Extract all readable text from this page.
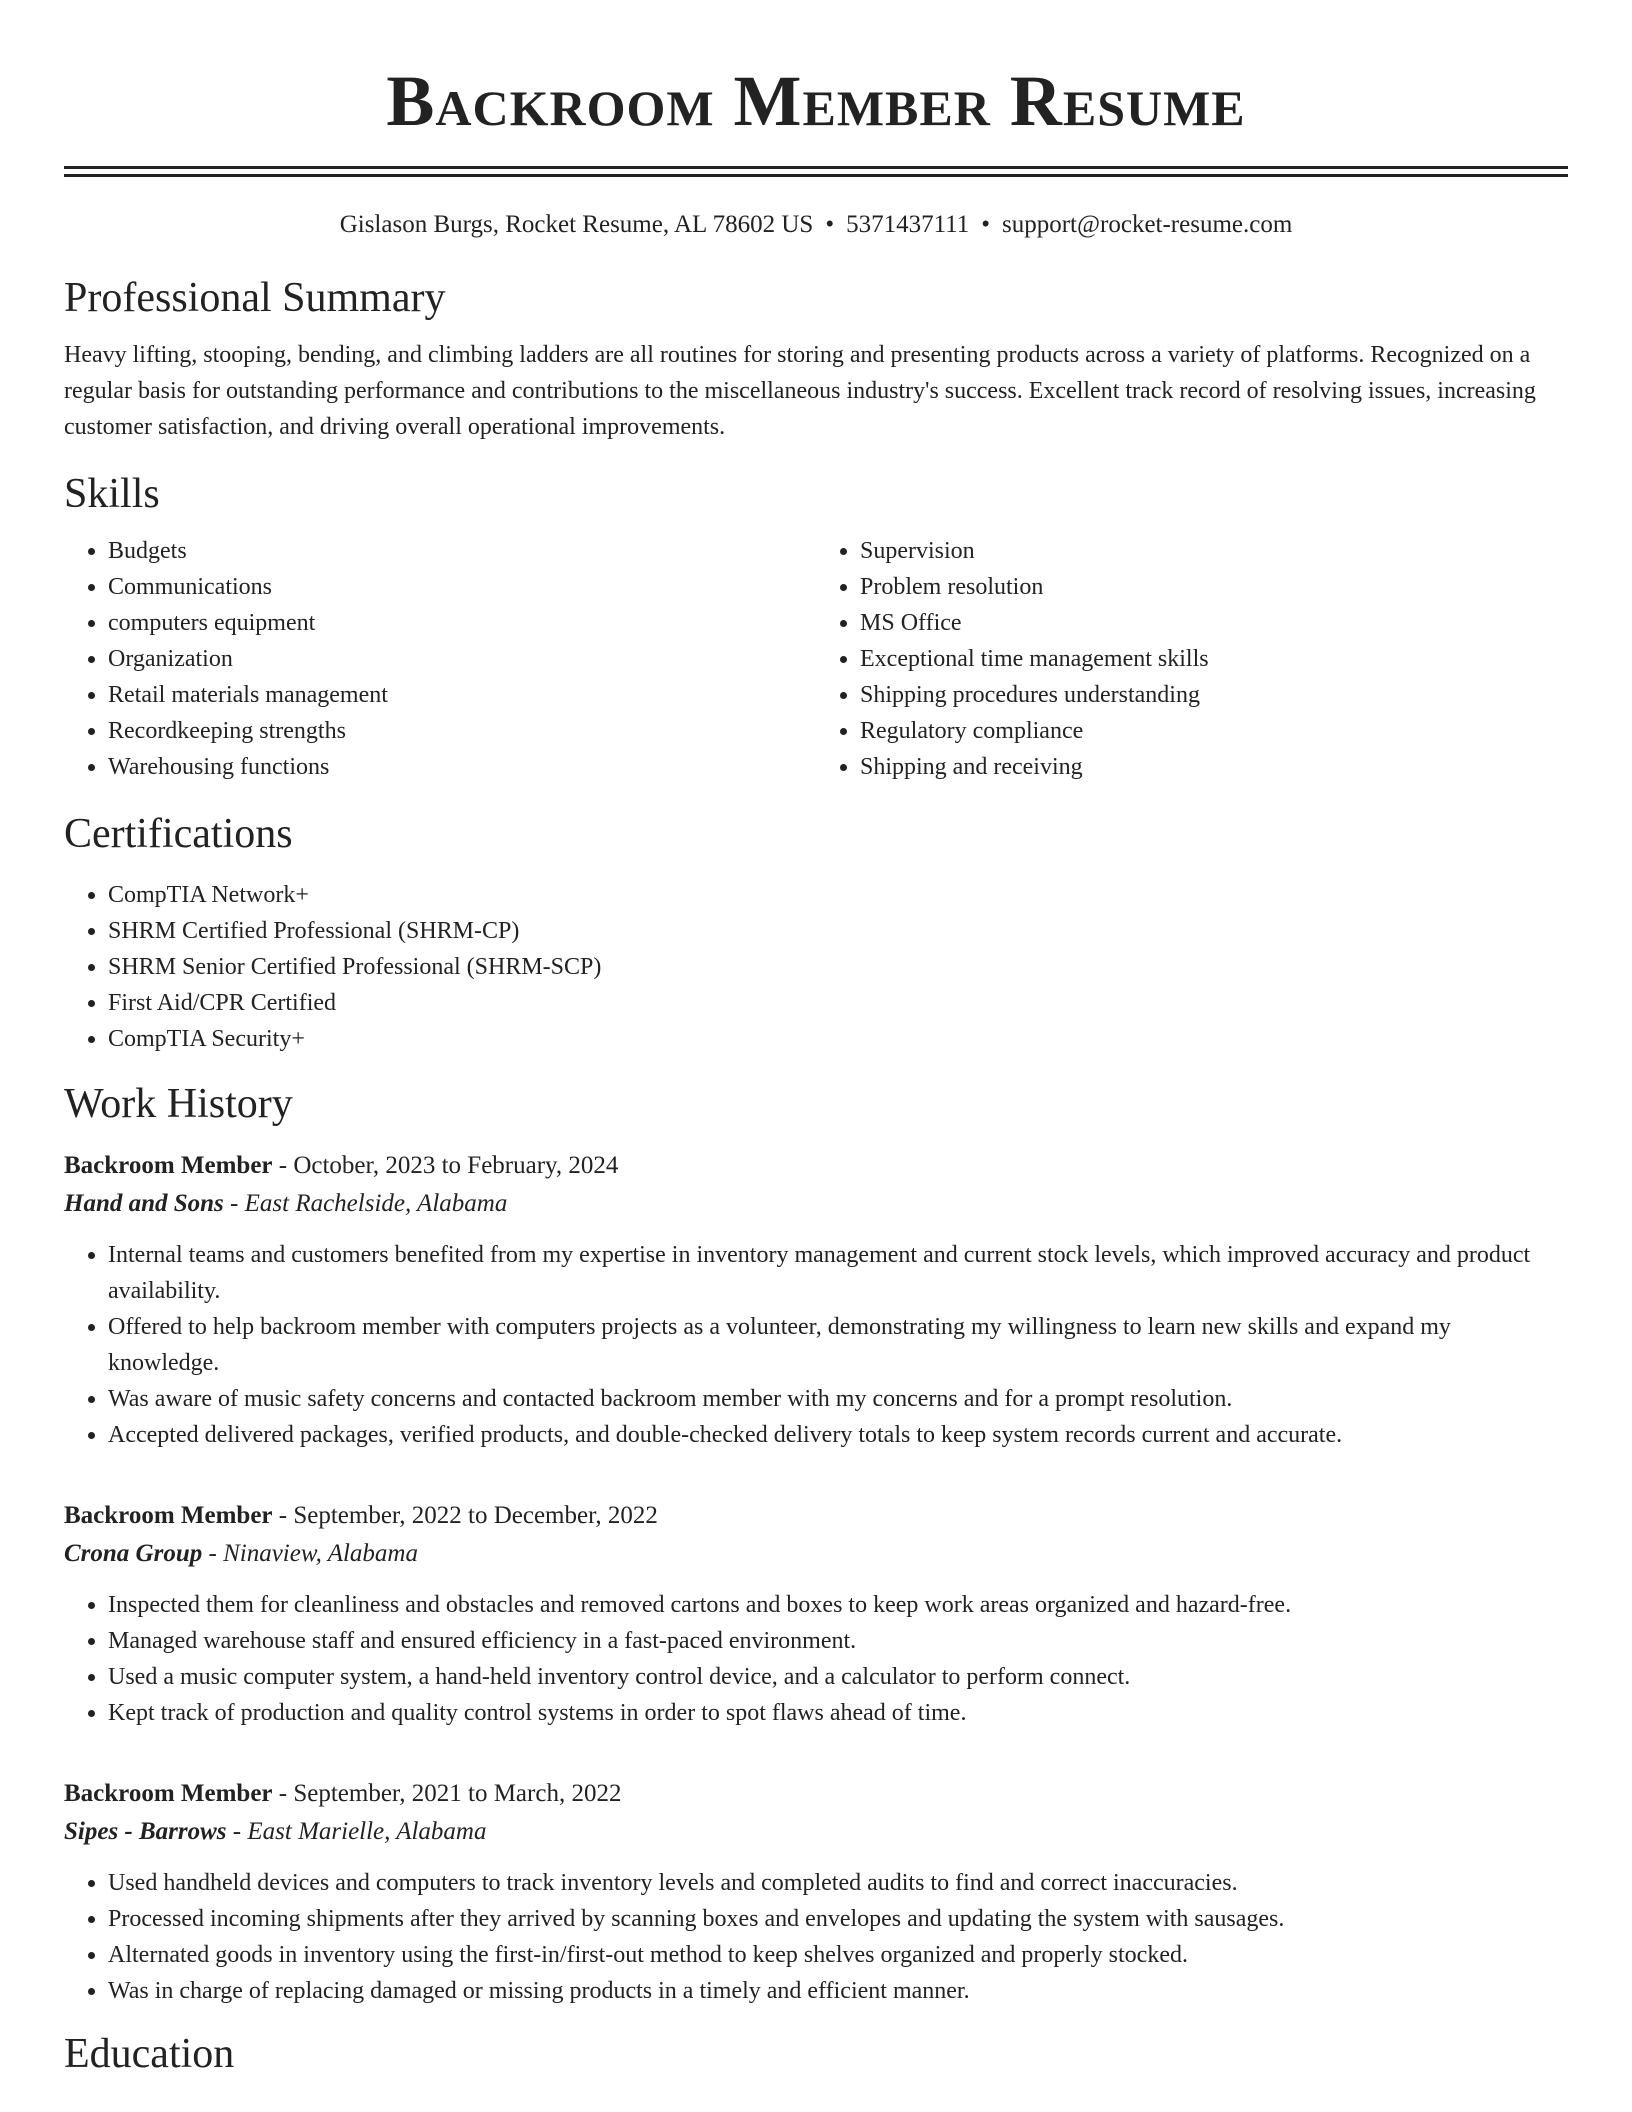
Backroom Member Resume
Gislason Burgs, Rocket Resume, AL 78602 US • 5371437111 • support@rocket-resume.com
Professional Summary
Heavy lifting, stooping, bending, and climbing ladders are all routines for storing and presenting products across a variety of platforms. Recognized on a regular basis for outstanding performance and contributions to the miscellaneous industry's success. Excellent track record of resolving issues, increasing customer satisfaction, and driving overall operational improvements.
Skills
• Budgets
• Communications
• computers equipment
• Organization
• Retail materials management
• Recordkeeping strengths
• Warehousing functions
• Supervision
• Problem resolution
• MS Office
• Exceptional time management skills
• Shipping procedures understanding
• Regulatory compliance
• Shipping and receiving
Certifications
• CompTIA Network+
• SHRM Certified Professional (SHRM-CP)
• SHRM Senior Certified Professional (SHRM-SCP)
• First Aid/CPR Certified
• CompTIA Security+
Work History
Backroom Member - October, 2023 to February, 2024
Hand and Sons - East Rachelside, Alabama
• Internal teams and customers benefited from my expertise in inventory management and current stock levels, which improved accuracy and product availability.
• Offered to help backroom member with computers projects as a volunteer, demonstrating my willingness to learn new skills and expand my knowledge.
• Was aware of music safety concerns and contacted backroom member with my concerns and for a prompt resolution.
• Accepted delivered packages, verified products, and double-checked delivery totals to keep system records current and accurate.
Backroom Member - September, 2022 to December, 2022
Crona Group - Ninaview, Alabama
• Inspected them for cleanliness and obstacles and removed cartons and boxes to keep work areas organized and hazard-free.
• Managed warehouse staff and ensured efficiency in a fast-paced environment.
• Used a music computer system, a hand-held inventory control device, and a calculator to perform connect.
• Kept track of production and quality control systems in order to spot flaws ahead of time.
Backroom Member - September, 2021 to March, 2022
Sipes - Barrows - East Marielle, Alabama
• Used handheld devices and computers to track inventory levels and completed audits to find and correct inaccuracies.
• Processed incoming shipments after they arrived by scanning boxes and envelopes and updating the system with sausages.
• Alternated goods in inventory using the first-in/first-out method to keep shelves organized and properly stocked.
• Was in charge of replacing damaged or missing products in a timely and efficient manner.
Education
